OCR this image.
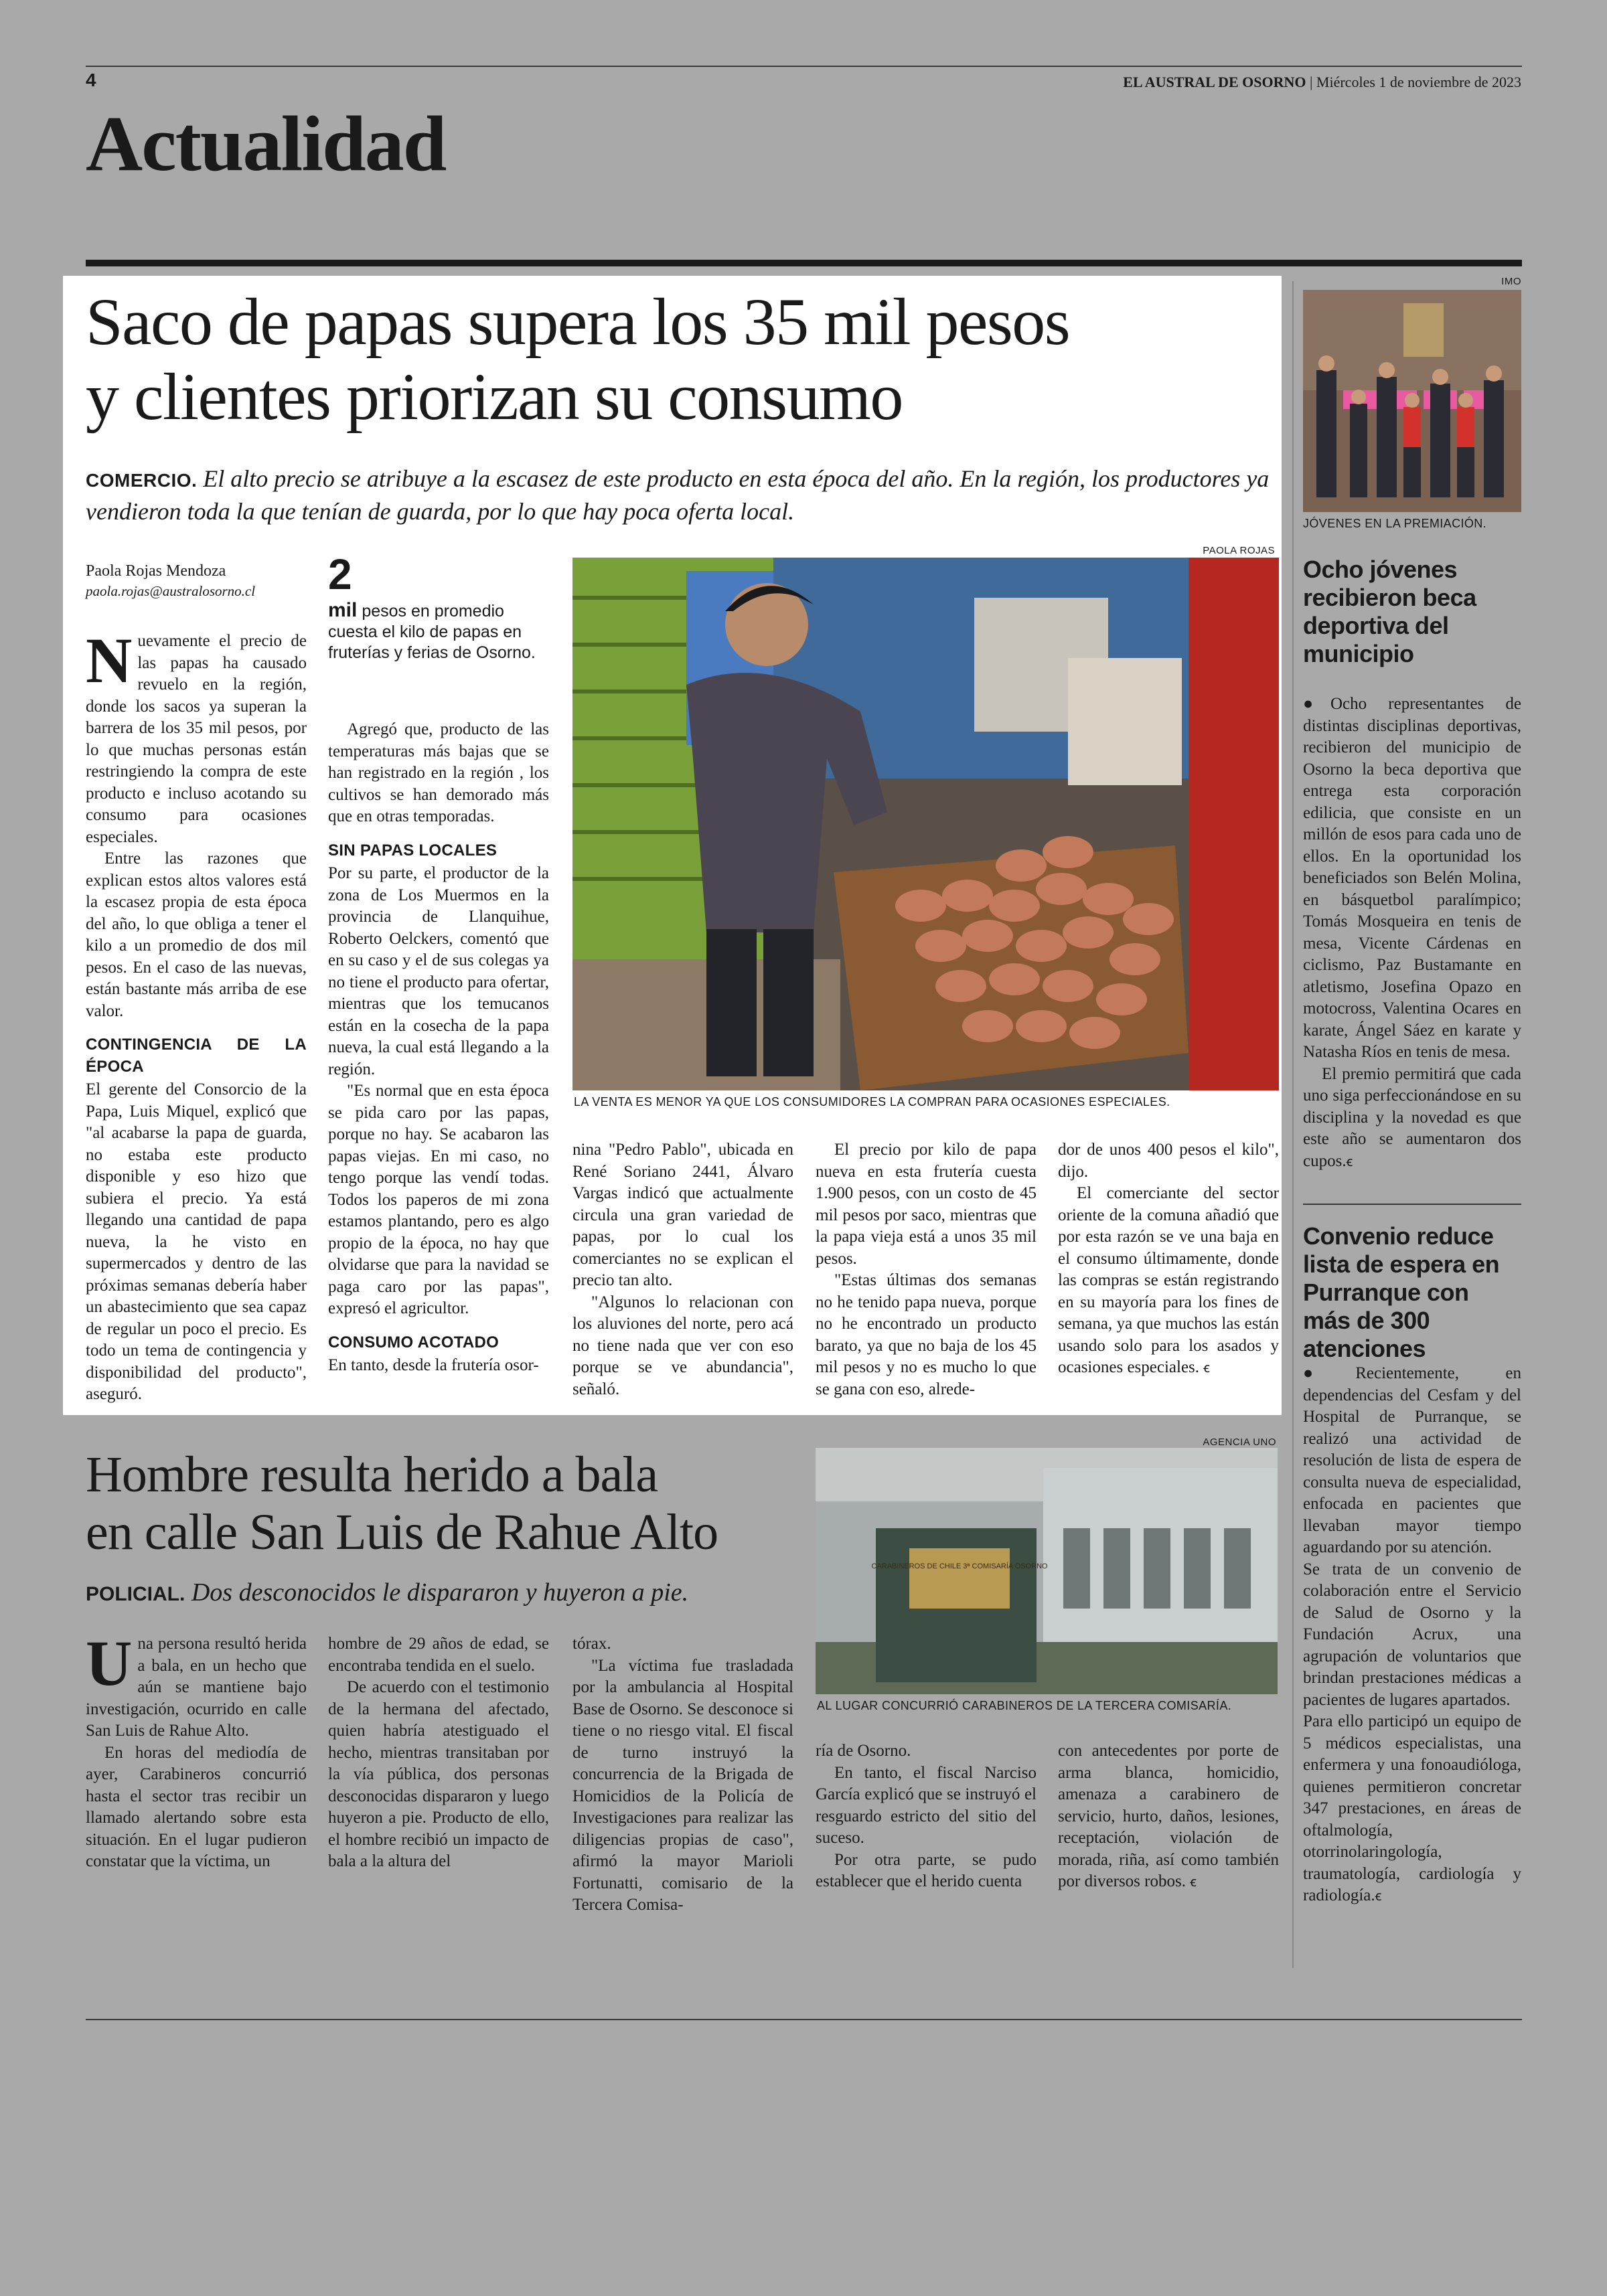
4	EL AUSTRAL DE OSORNO | Miércoles 1 de noviembre de 2023
Actualidad
Saco de papas supera los 35 mil pesos
y clientes priorizan su consumo
COMERCIO. El alto precio se atribuye a la escasez de este producto en esta época del año. En la región, los productores ya vendieron toda la que tenían de guarda, por lo que hay poca oferta local.
Paola Rojas Mendoza
paola.rojas@australosorno.cl	2
mil pesos en promedio cuesta el kilo de papas en fruterías y ferias de Osorno.
PAOLA ROJAS
LA VENTA ES MENOR YA QUE LOS CONSUMIDORES LA COMPRAN PARA OCASIONES ESPECIALES.

Nuevamente el precio de las papas ha causado revuelo en la región, donde los sacos ya superan la barrera de los 35 mil pesos, por lo que muchas personas están restringiendo la compra de este producto e incluso acotando su consumo para ocasiones especiales.

Entre las razones que explican estos altos valores está la escasez propia de esta época del año, lo que obliga a tener el kilo a un promedio de dos mil pesos. En el caso de las nuevas, están bastante más arriba de ese valor.

CONTINGENCIA DE LA ÉPOCA

El gerente del Consorcio de la Papa, Luis Miquel, explicó que "al acabarse la papa de guarda, no estaba este producto disponible y eso hizo que subiera el precio. Ya está llegando una cantidad de papa nueva, la he visto en supermercados y dentro de las próximas semanas debería haber un abastecimiento que sea capaz de regular un poco el precio. Es todo un tema de contingencia y disponibilidad del producto", aseguró.

Agregó que, producto de las temperaturas más bajas que se han registrado en la región , los cultivos se han demorado más que en otras temporadas.

SIN PAPAS LOCALES

Por su parte, el productor de la zona de Los Muermos en la provincia de Llanquihue, Roberto Oelckers, comentó que en su caso y el de sus colegas ya no tiene el producto para ofertar, mientras que los temucanos están en la cosecha de la papa nueva, la cual está llegando a la región.

"Es normal que en esta época se pida caro por las papas, porque no hay. Se acabaron las papas viejas. En mi caso, no tengo porque las vendí todas. Todos los paperos de mi zona estamos plantando, pero es algo propio de la época, no hay que olvidarse que para la navidad se paga caro por las papas", expresó el agricultor.

CONSUMO ACOTADO

En tanto, desde la frutería osor-

nina "Pedro Pablo", ubicada en René Soriano 2441, Álvaro Vargas indicó que actualmente circula una gran variedad de papas, por lo cual los comerciantes no se explican el precio tan alto.

"Algunos lo relacionan con los aluviones del norte, pero acá no tiene nada que ver con eso porque se ve abundancia", señaló.

El precio por kilo de papa nueva en esta frutería cuesta 1.900 pesos, con un costo de 45 mil pesos por saco, mientras que la papa vieja está a unos 35 mil pesos.

"Estas últimas dos semanas no he tenido papa nueva, porque no he encontrado un producto barato, ya que no baja de los 45 mil pesos y no es mucho lo que se gana con eso, alrede-

dor de unos 400 pesos el kilo", dijo.

El comerciante del sector oriente de la comuna añadió que por esta razón se ve una baja en el consumo últimamente, donde las compras se están registrando en su mayoría para los fines de semana, ya que muchos las están usando solo para los asados y ocasiones especiales. ꞓ

Hombre resulta herido a bala
en calle San Luis de Rahue Alto
POLICIAL. Dos desconocidos le dispararon y huyeron a pie.
AGENCIA UNO
CARABINEROS DE CHILE 3ª COMISARÍA OSORNO
AL LUGAR CONCURRIÓ CARABINEROS DE LA TERCERA COMISARÍA.

Una persona resultó herida a bala, en un hecho que aún se mantiene bajo investigación, ocurrido en calle San Luis de Rahue Alto.

En horas del mediodía de ayer, Carabineros concurrió hasta el sector tras recibir un llamado alertando sobre esta situación. En el lugar pudieron constatar que la víctima, un

hombre de 29 años de edad, se encontraba tendida en el suelo.

De acuerdo con el testimonio de la hermana del afectado, quien habría atestiguado el hecho, mientras transitaban por la vía pública, dos personas desconocidas dispararon y luego huyeron a pie. Producto de ello, el hombre recibió un impacto de bala a la altura del

tórax.

"La víctima fue trasladada por la ambulancia al Hospital Base de Osorno. Se desconoce si tiene o no riesgo vital. El fiscal de turno instruyó la concurrencia de la Brigada de Homicidios de la Policía de Investigaciones para realizar las diligencias propias de caso", afirmó la mayor Marioli Fortunatti, comisario de la Tercera Comisa-

ría de Osorno.

En tanto, el fiscal Narciso García explicó que se instruyó el resguardo estricto del sitio del suceso.

Por otra parte, se pudo establecer que el herido cuenta

con antecedentes por porte de arma blanca, homicidio, amenaza a carabinero de servicio, hurto, daños, lesiones, receptación, violación de morada, riña, así como también por diversos robos. ꞓ

IMO
JÓVENES EN LA PREMIACIÓN.
Ocho jóvenes recibieron beca deportiva del municipio

●Ocho representantes de distintas disciplinas deportivas, recibieron del municipio de Osorno la beca deportiva que entrega esta corporación edilicia, que consiste en un millón de esos para cada uno de ellos. En la oportunidad los beneficiados son Belén Molina, en básquetbol paralímpico; Tomás Mosqueira en tenis de mesa, Vicente Cárdenas en ciclismo, Paz Bustamante en atletismo, Josefina Opazo en motocross, Valentina Ocares en karate, Ángel Sáez en karate y Natasha Ríos en tenis de mesa.

El premio permitirá que cada uno siga perfeccionándose en su disciplina y la novedad es que este año se aumentaron dos cupos.ꞓ

Convenio reduce lista de espera en Purranque con más de 300 atenciones

●Recientemente, en dependencias del Cesfam y del Hospital de Purranque, se realizó una actividad de resolución de lista de espera de consulta nueva de especialidad, enfocada en pacientes que llevaban mayor tiempo aguardando por su atención.

Se trata de un convenio de colaboración entre el Servicio de Salud de Osorno y la Fundación Acrux, una agrupación de voluntarios que brindan prestaciones médicas a pacientes de lugares apartados.

Para ello participó un equipo de 5 médicos especialistas, una enfermera y una fonoaudióloga, quienes permitieron concretar 347 prestaciones, en áreas de oftalmología, otorrinolaringología, traumatología, cardiología y radiología.ꞓ
